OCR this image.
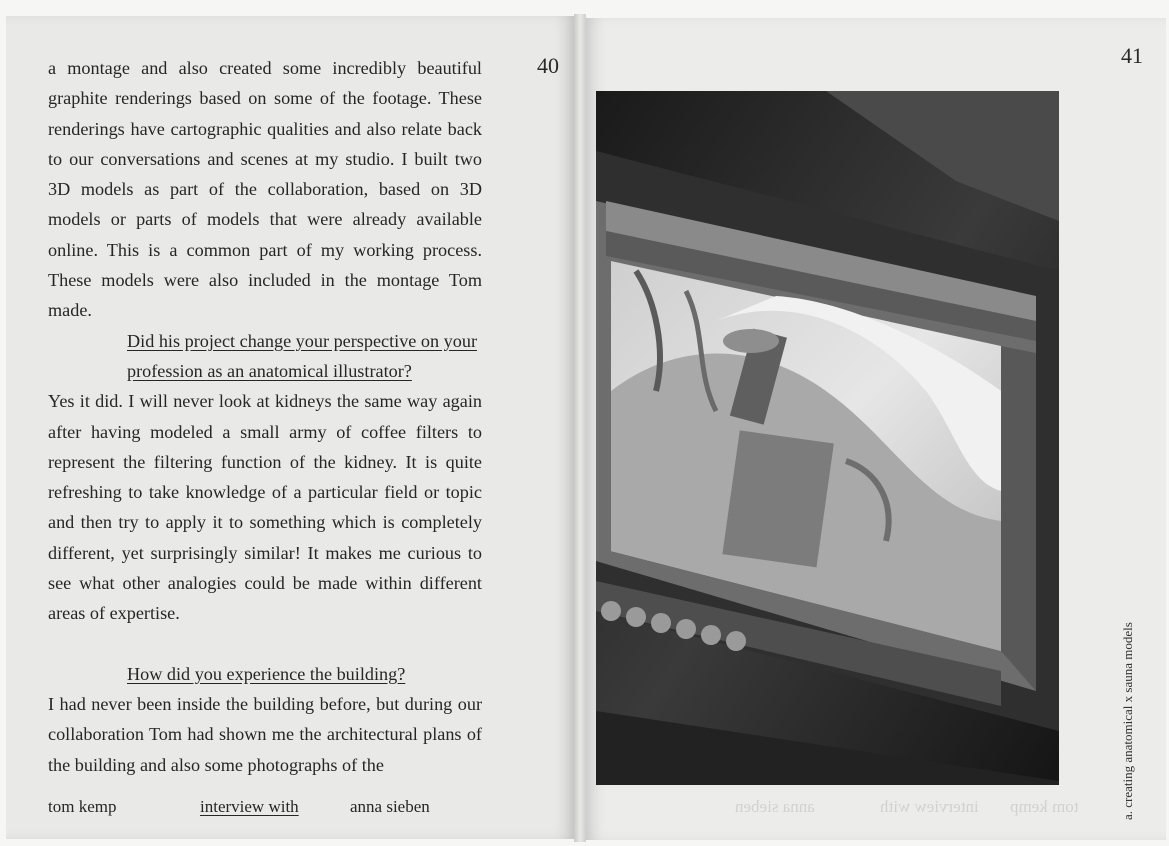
40	41

a montage and also created some incredibly beautiful graphite renderings based on some of the footage. These renderings have cartographic qualities and also relate back to our conversations and scenes at my studio. I built two 3D models as part of the collaboration, based on 3D models or parts of models that were already available online. This is a common part of my working process. These models were also included in the montage Tom made.

Did his project change your perspective on your profession as an anatomical illustrator?

Yes it did. I will never look at kidneys the same way again after having modeled a small army of coffee filters to represent the filtering function of the kidney. It is quite refreshing to take knowledge of a particular field or topic and then try to apply it to something which is completely different, yet surprisingly similar! It makes me curious to see what other analogies could be made within different areas of expertise.

How did you experience the building?

I had never been inside the building before, but during our collaboration Tom had shown me the architectural plans of the building and also some photographs of the

tom kemp	interview with	anna sieben	tom kemp
interview with
anna sieben	a. creating anatomical x sauna models
